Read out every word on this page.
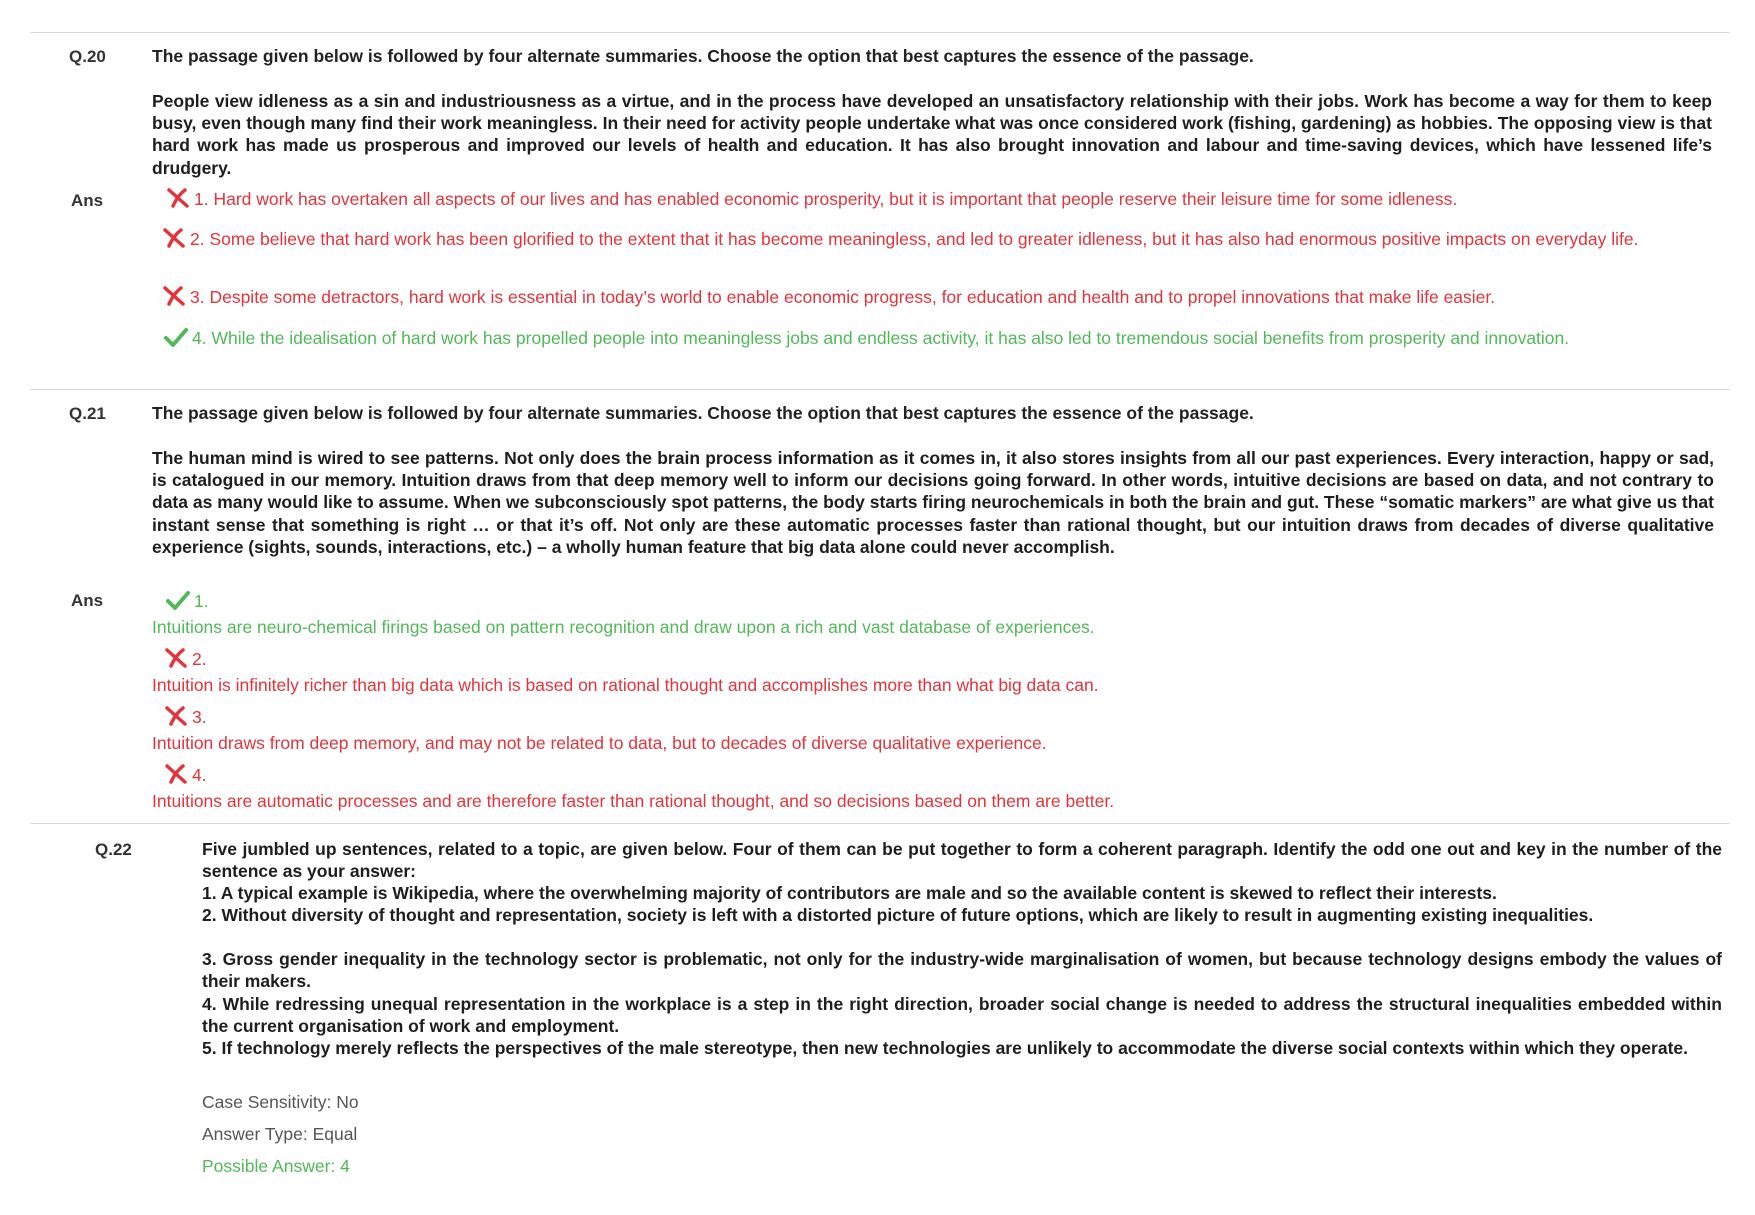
Q.20	The passage given below is followed by four alternate summaries. Choose the option that best captures the essence of the passage.
People view idleness as a sin and industriousness as a virtue, and in the process have developed an unsatisfactory relationship with their jobs. Work has become a way for them to keep busy, even though many find their work meaningless. In their need for activity people undertake what was once considered work (fishing, gardening) as hobbies. The opposing view is that hard work has made us prosperous and improved our levels of health and education. It has also brought innovation and labour and time-saving devices, which have lessened life’s drudgery.
Ans	1. Hard work has overtaken all aspects of our lives and has enabled economic prosperity, but it is important that people reserve their leisure time for some idleness.
2. Some believe that hard work has been glorified to the extent that it has become meaningless, and led to greater idleness, but it has also had enormous positive impacts on everyday life.
3. Despite some detractors, hard work is essential in today’s world to enable economic progress, for education and health and to propel innovations that make life easier.
4. While the idealisation of hard work has propelled people into meaningless jobs and endless activity, it has also led to tremendous social benefits from prosperity and innovation.
Q.21	The passage given below is followed by four alternate summaries. Choose the option that best captures the essence of the passage.
The human mind is wired to see patterns. Not only does the brain process information as it comes in, it also stores insights from all our past experiences. Every interaction, happy or sad, is catalogued in our memory. Intuition draws from that deep memory well to inform our decisions going forward. In other words, intuitive decisions are based on data, and not contrary to data as many would like to assume. When we subconsciously spot patterns, the body starts firing neurochemicals in both the brain and gut. These “somatic markers” are what give us that instant sense that something is right … or that it’s off. Not only are these automatic processes faster than rational thought, but our intuition draws from decades of diverse qualitative experience (sights, sounds, interactions, etc.) – a wholly human feature that big data alone could never accomplish.
Ans	1.
Intuitions are neuro-chemical firings based on pattern recognition and draw upon a rich and vast database of experiences.
2.
Intuition is infinitely richer than big data which is based on rational thought and accomplishes more than what big data can.
3.
Intuition draws from deep memory, and may not be related to data, but to decades of diverse qualitative experience.
4.
Intuitions are automatic processes and are therefore faster than rational thought, and so decisions based on them are better.
Q.22	Five jumbled up sentences, related to a topic, are given below. Four of them can be put together to form a coherent paragraph. Identify the odd one out and key in the number of the sentence as your answer:
1. A typical example is Wikipedia, where the overwhelming majority of contributors are male and so the available content is skewed to reflect their interests.
2. Without diversity of thought and representation, society is left with a distorted picture of future options, which are likely to result in augmenting existing inequalities.
3. Gross gender inequality in the technology sector is problematic, not only for the industry-wide marginalisation of women, but because technology designs embody the values of their makers.
4. While redressing unequal representation in the workplace is a step in the right direction, broader social change is needed to address the structural inequalities embedded within the current organisation of work and employment.
5. If technology merely reflects the perspectives of the male stereotype, then new technologies are unlikely to accommodate the diverse social contexts within which they operate.
Case Sensitivity: No
Answer Type: Equal
Possible Answer: 4
